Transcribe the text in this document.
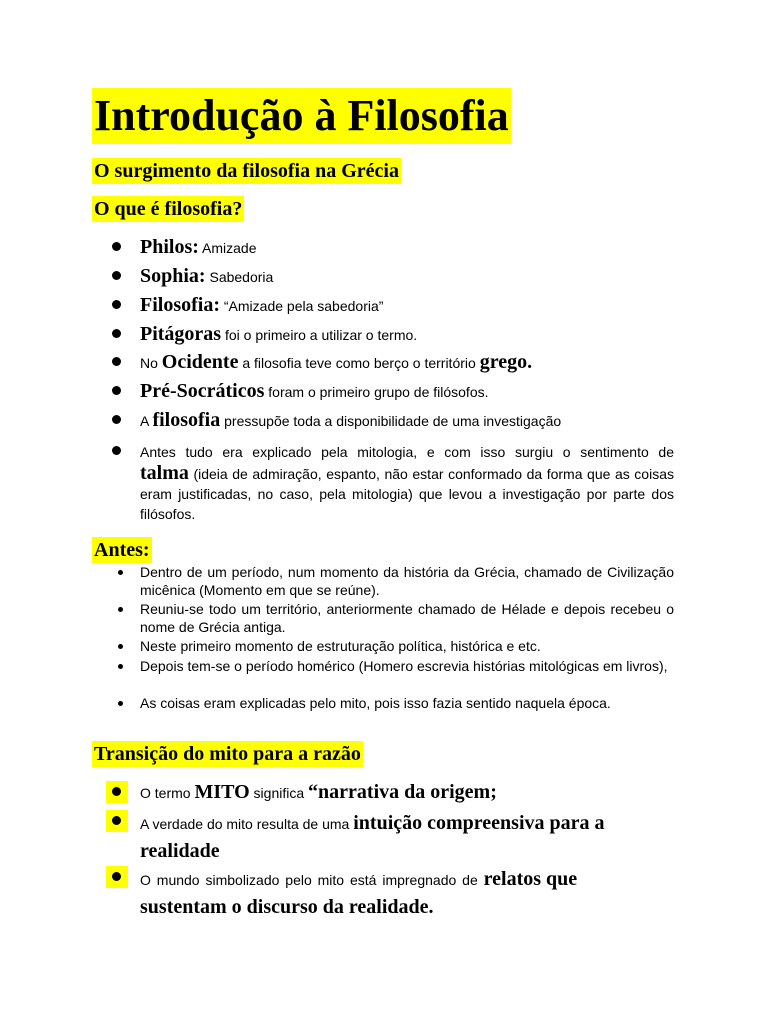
Introdução à Filosofia
O surgimento da filosofia na Grécia
O que é filosofia?
Philos: Amizade
Sophia: Sabedoria
Filosofia: “Amizade pela sabedoria”
Pitágoras foi o primeiro a utilizar o termo.
No Ocidente a filosofia teve como berço o território grego.
Pré-Socráticos foram o primeiro grupo de filósofos.
A filosofia pressupõe toda a disponibilidade de uma investigação
Antes tudo era explicado pela mitologia, e com isso surgiu o sentimento de
talma (ideia de admiração, espanto, não estar conformado da forma que as coisas eram justificadas, no caso, pela mitologia) que levou a investigação por parte dos filósofos.
Antes:
Dentro de um período, num momento da história da Grécia, chamado de Civilização micênica (Momento em que se reúne).
Reuniu-se todo um território, anteriormente chamado de Hélade e depois recebeu o nome de Grécia antiga.
Neste primeiro momento de estruturação política, histórica e etc.
Depois tem-se o período homérico (Homero escrevia histórias mitológicas em livros),
As coisas eram explicadas pelo mito, pois isso fazia sentido naquela época.
Transição do mito para a razão
O termo MITO significa “narrativa da origem;
A verdade do mito resulta de uma intuição compreensiva para a
realidade
O mundo simbolizado pelo mito está impregnado de relatos que
sustentam o discurso da realidade.
